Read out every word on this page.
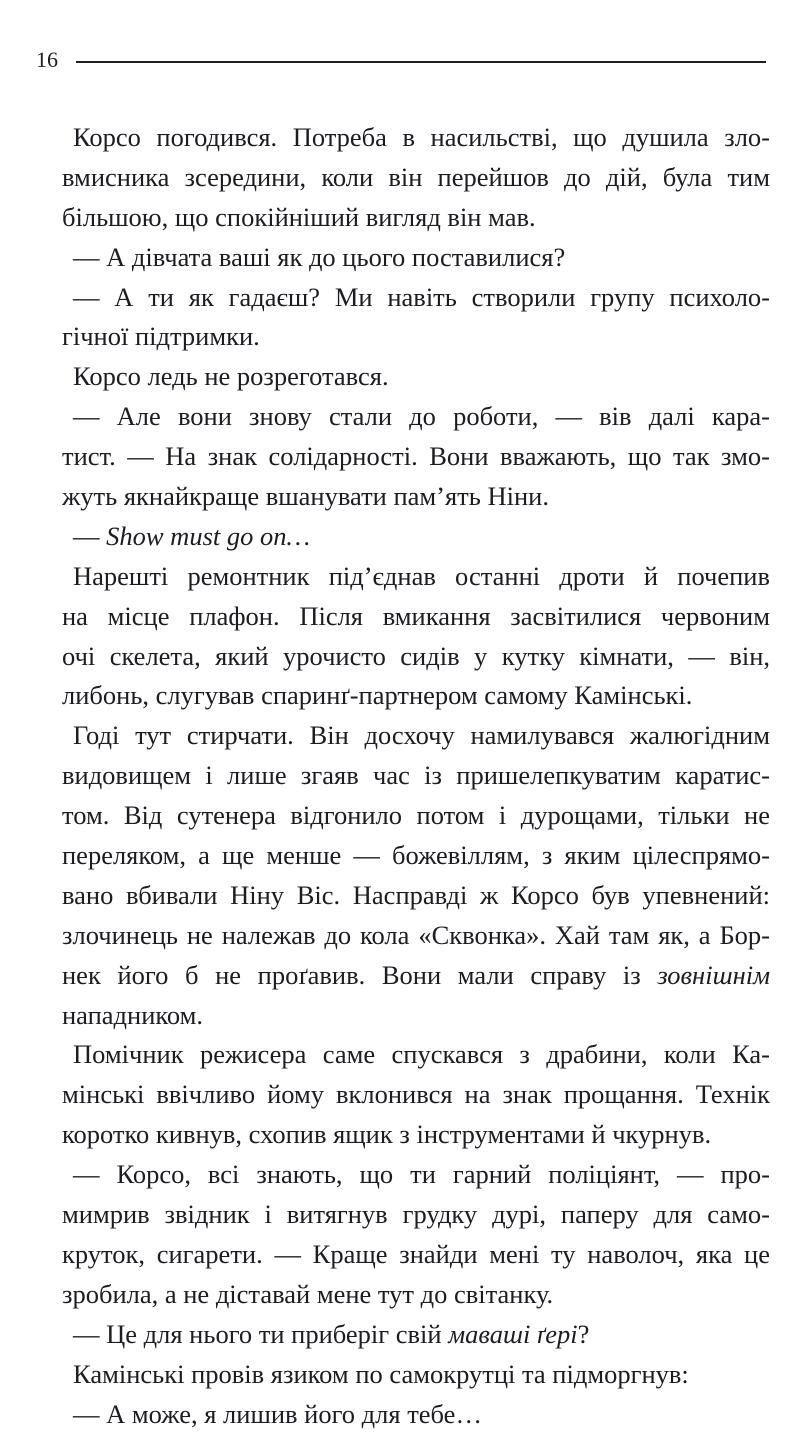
16
Корсо погодився. Потреба в насильстві, що душила зло-
вмисника зсередини, коли він перейшов до дій, була тим
більшою, що спокійніший вигляд він мав.
— А дівчата ваші як до цього поставилися?
— А ти як гадаєш? Ми навіть створили групу психоло-
гічної підтримки.
Корсо ледь не розреготався.
— Але вони знову стали до роботи, — вів далі кара-
тист. — На знак солідарності. Вони вважають, що так змо-
жуть якнайкраще вшанувати пам’ять Ніни.
— Show must go on…
Нарешті ремонтник під’єднав останні дроти й почепив
на місце плафон. Після вмикання засвітилися червоним
очі скелета, який урочисто сидів у кутку кімнати, — він,
либонь, слугував спаринґ-партнером самому Камінські.
Годі тут стирчати. Він досхочу намилувався жалюгідним
видовищем і лише згаяв час із пришелепкуватим каратис-
том. Від сутенера відгонило потом і дурощами, тільки не
переляком, а ще менше — божевіллям, з яким цілеспрямо-
вано вбивали Ніну Віс. Насправді ж Корсо був упевнений:
злочинець не належав до кола «Сквонка». Хай там як, а Бор-
нек його б не проґавив. Вони мали справу із зовнішнім
нападником.
Помічник режисера саме спускався з драбини, коли Ка-
мінські ввічливо йому вклонився на знак прощання. Технік
коротко кивнув, схопив ящик з інструментами й чкурнув.
— Корсо, всі знають, що ти гарний поліціянт, — про-
мимрив звідник і витягнув грудку дурі, паперу для само-
круток, сигарети. — Краще знайди мені ту наволоч, яка це
зробила, а не діставай мене тут до світанку.
— Це для нього ти приберіг свій маваші ґері?
Камінські провів язиком по самокрутці та підморгнув:
— А може, я лишив його для тебе…
